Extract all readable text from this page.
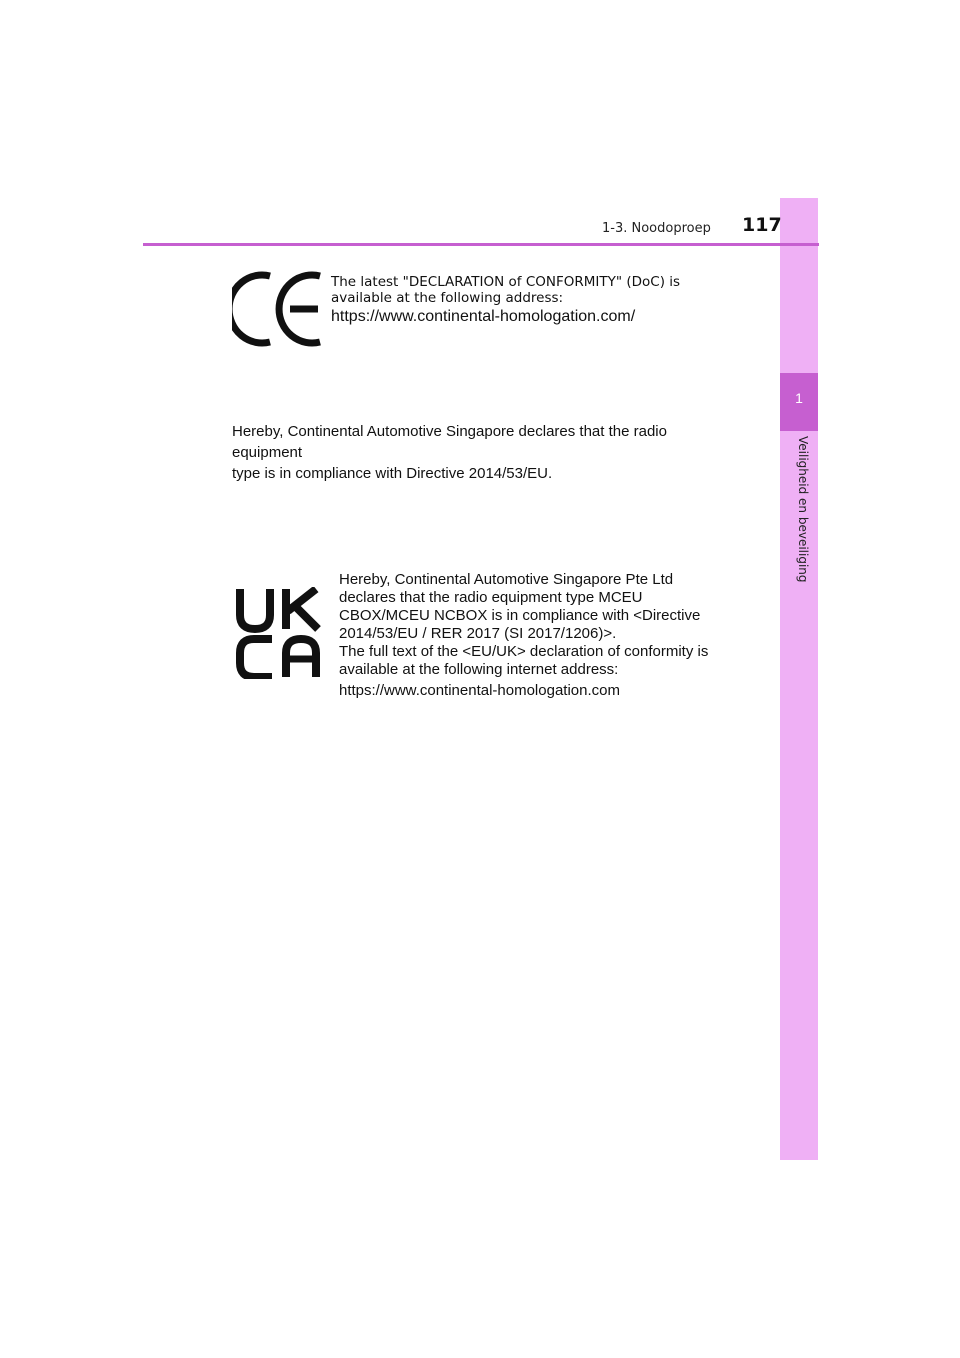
1
Veiligheid en beveiliging
1-3. Noodoproep 117
The latest "DECLARATION of CONFORMITY" (DoC) is
available at the following address:
https://www.continental-homologation.com/
Hereby, Continental Automotive Singapore declares that the radio equipment
type is in compliance with Directive 2014/53/EU.
Hereby, Continental Automotive Singapore Pte Ltd
declares that the radio equipment type MCEU
CBOX/MCEU NCBOX is in compliance with <Directive
2014/53/EU / RER 2017 (SI 2017/1206)>.
The full text of the <EU/UK> declaration of conformity is
available at the following internet address:
https://www.continental-homologation.com
